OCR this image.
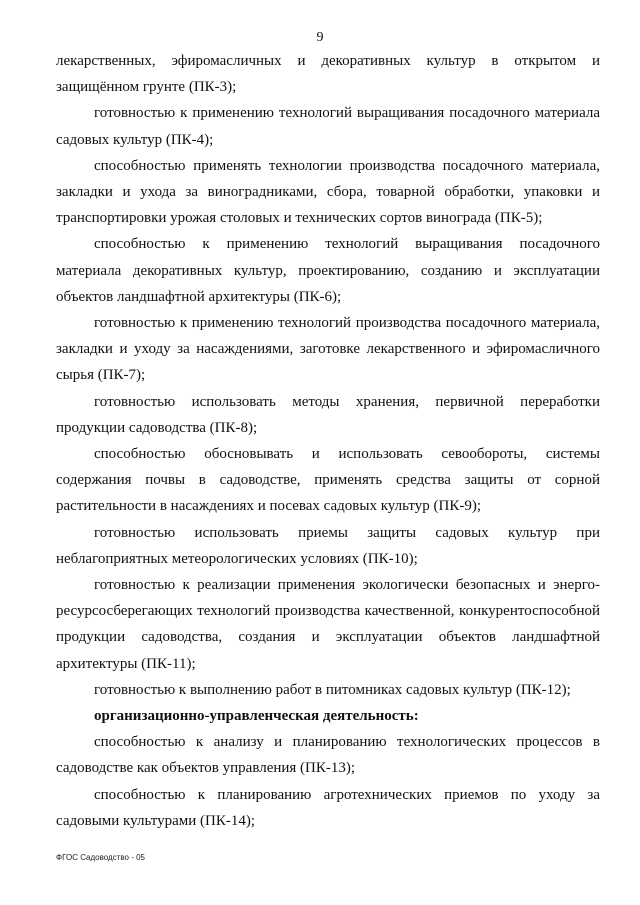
9

лекарственных, эфиромасличных и декоративных культур в открытом и защищённом грунте (ПК-3);

готовностью к применению технологий выращивания посадочного материала садовых культур (ПК-4);

способностью применять технологии производства посадочного материала, закладки и ухода за виноградниками, сбора, товарной обработки, упаковки и транспортировки урожая столовых и технических сортов винограда (ПК-5);

способностью к применению технологий выращивания посадочного материала декоративных культур, проектированию, созданию и эксплуатации объектов ландшафтной архитектуры (ПК-6);

готовностью к применению технологий производства посадочного материала, закладки и уходу за насаждениями, заготовке лекарственного и эфиромасличного сырья (ПК-7);

готовностью использовать методы хранения, первичной переработки продукции садоводства (ПК-8);

способностью обосновывать и использовать севообороты, системы содержания почвы в садоводстве, применять средства защиты от сорной растительности в насаждениях и посевах садовых культур (ПК-9);

готовностью использовать приемы защиты садовых культур при неблагоприятных метеорологических условиях (ПК-10);

готовностью к реализации применения экологически безопасных и энерго-ресурсосберегающих технологий производства качественной, конкурентоспособной продукции садоводства, создания и эксплуатации объектов ландшафтной архитектуры (ПК-11);

готовностью к выполнению работ в питомниках садовых культур (ПК-12);

организационно-управленческая деятельность:

способностью к анализу и планированию технологических процессов в садоводстве как объектов управления (ПК-13);

способностью к планированию агротехнических приемов по уходу за садовыми культурами (ПК-14);

ФГОС Садоводство - 05
